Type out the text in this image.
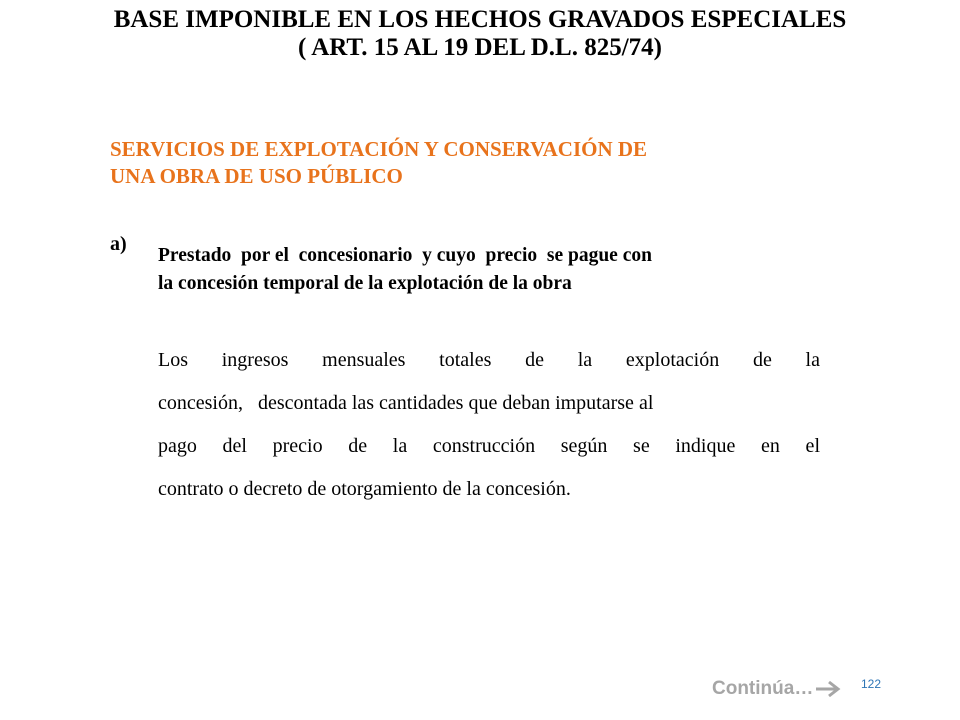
BASE IMPONIBLE EN LOS HECHOS GRAVADOS ESPECIALES
( ART. 15 AL 19 DEL D.L. 825/74)
SERVICIOS DE EXPLOTACIÓN Y CONSERVACIÓN DE
UNA OBRA DE USO PÚBLICO
a)
Prestado  por el  concesionario  y cuyo  precio  se pague con
la concesión temporal de la explotación de la obra
Los ingresos mensuales totales de la explotación de la
concesión,   descontada las cantidades que deban imputarse al
pago del precio de la construcción según se indique en el
contrato o decreto de otorgamiento de la concesión.
Continúa…	122
